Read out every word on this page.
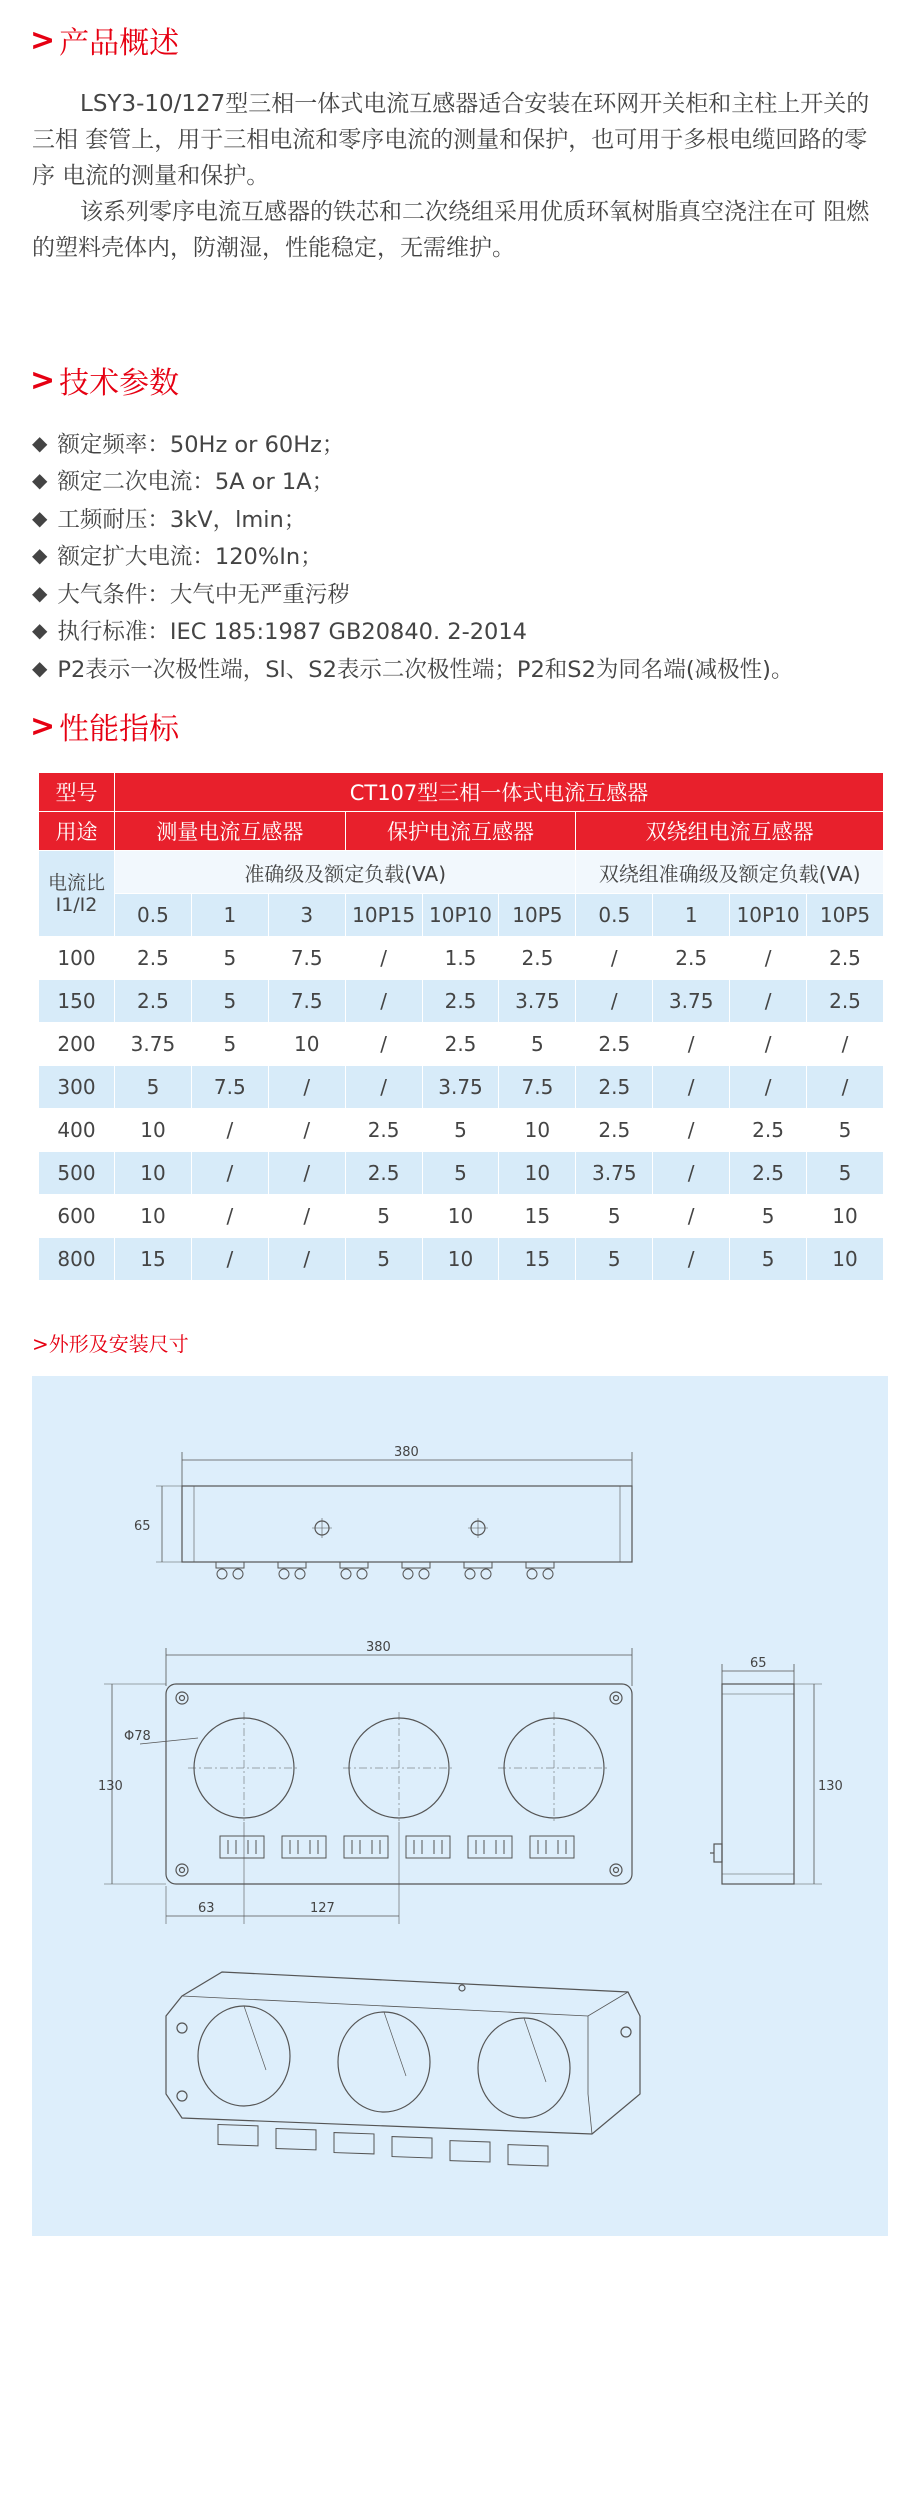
> 产品概述

LSY3-10/127型三相一体式电流互感器适合安装在环网开关柜和主柱上开关的三相 套管上，用于三相电流和零序电流的测量和保护，也可用于多根电缆回路的零序 电流的测量和保护。

该系列零序电流互感器的铁芯和二次绕组采用优质环氧树脂真空浇注在可 阻燃的塑料壳体内，防潮湿，性能稳定，无需维护。

> 技术参数
◆ 额定频率：50Hz or 60Hz；
◆ 额定二次电流：5A or 1A；
◆ 工频耐压：3kV，lmin；
◆ 额定扩大电流：120%In；
◆ 大气条件：大气中无严重污秽
◆ 执行标准：IEC 185:1987 GB20840. 2-2014
◆ P2表示一次极性端，Sl、S2表示二次极性端；P2和S2为同名端(减极性)。
> 性能指标
型号	CT107型三相一体式电流互感器									
用途	测量电流互感器			保护电流互感器			双绕组电流互感器			
电流比 I1/I2	准确级及额定负载(VA)						双绕组准确级及额定负载(VA)			
	0.5	1	3	10P15	10P10	10P5	0.5	1	10P10	10P5
100	2.5	5	7.5	/	1.5	2.5	/	2.5	/	2.5
150	2.5	5	7.5	/	2.5	3.75	/	3.75	/	2.5
200	3.75	5	10	/	2.5	5	2.5	/	/	/
300	5	7.5	/	/	3.75	7.5	2.5	/	/	/
400	10	/	/	2.5	5	10	2.5	/	2.5	5
500	10	/	/	2.5	5	10	3.75	/	2.5	5
600	10	/	/	5	10	15	5	/	5	10
800	15	/	/	5	10	15	5	/	5	10
>外形及安装尺寸
380
65
380
Φ78
130
63	127
65
130
